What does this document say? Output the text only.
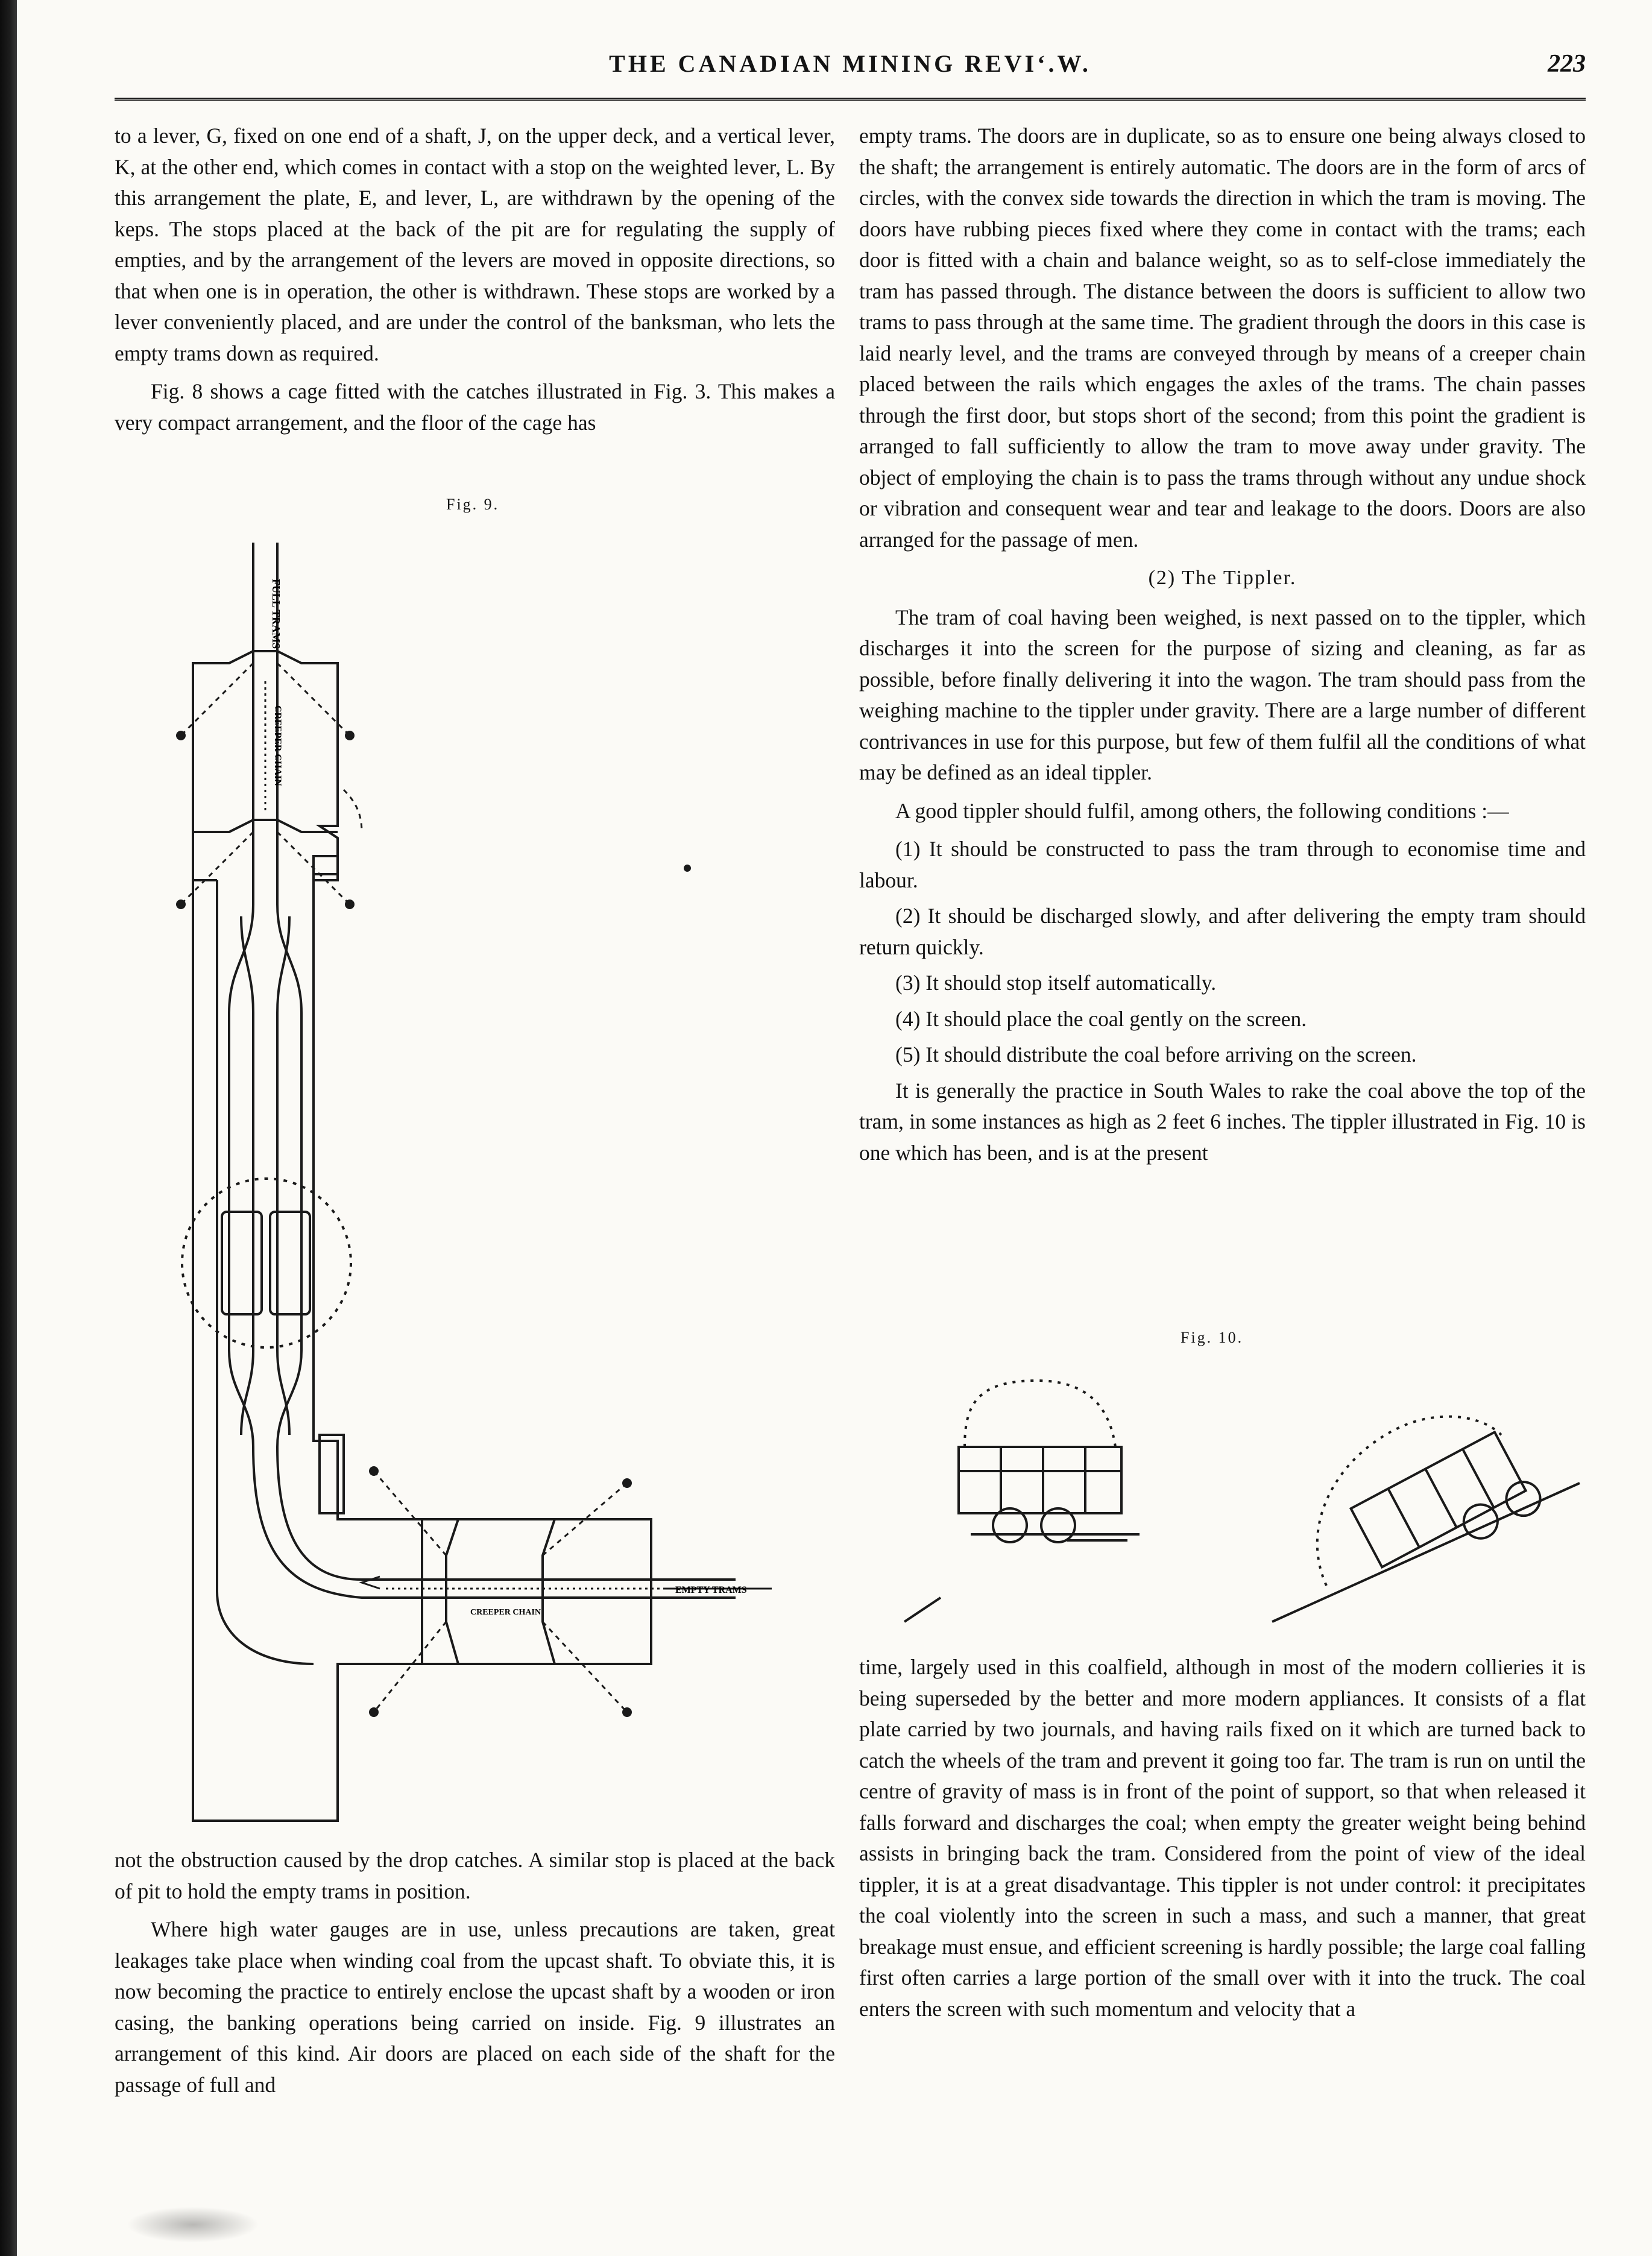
THE CANADIAN MINING REVI‘.W.	223

to a lever, G, fixed on one end of a shaft, J, on the upper deck, and a vertical lever, K, at the other end, which comes in contact with a stop on the weighted lever, L. By this arrangement the plate, E, and lever, L, are withdrawn by the opening of the keps. The stops placed at the back of the pit are for regulating the supply of empties, and by the arrangement of the levers are moved in opposite directions, so that when one is in operation, the other is withdrawn. These stops are worked by a lever conveniently placed, and are under the control of the banksman, who lets the empty trams down as required.

Fig. 8 shows a cage fitted with the catches illustrated in Fig. 3. This makes a very compact arrangement, and the floor of the cage has

Fig. 9.
FULL TRAMS
CREEPER CHAIN
EMPTY TRAMS
CREEPER CHAIN

not the obstruction caused by the drop catches. A similar stop is placed at the back of pit to hold the empty trams in position.

Where high water gauges are in use, unless precautions are taken, great leakages take place when winding coal from the upcast shaft. To obviate this, it is now becoming the practice to entirely enclose the upcast shaft by a wooden or iron casing, the banking operations being carried on inside. Fig. 9 illustrates an arrangement of this kind. Air doors are placed on each side of the shaft for the passage of full and

empty trams. The doors are in duplicate, so as to ensure one being always closed to the shaft; the arrangement is entirely automatic. The doors are in the form of arcs of circles, with the convex side towards the direction in which the tram is moving. The doors have rubbing pieces fixed where they come in contact with the trams; each door is fitted with a chain and balance weight, so as to self-close immediately the tram has passed through. The distance between the doors is sufficient to allow two trams to pass through at the same time. The gradient through the doors in this case is laid nearly level, and the trams are conveyed through by means of a creeper chain placed between the rails which engages the axles of the trams. The chain passes through the first door, but stops short of the second; from this point the gradient is arranged to fall sufficiently to allow the tram to move away under gravity. The object of employing the chain is to pass the trams through without any undue shock or vibration and consequent wear and tear and leakage to the doors. Doors are also arranged for the passage of men.

(2) The Tippler.

The tram of coal having been weighed, is next passed on to the tippler, which discharges it into the screen for the purpose of sizing and cleaning, as far as possible, before finally delivering it into the wagon. The tram should pass from the weighing machine to the tippler under gravity. There are a large number of different contrivances in use for this purpose, but few of them fulfil all the conditions of what may be defined as an ideal tippler.

A good tippler should fulfil, among others, the following conditions :—

(1) It should be constructed to pass the tram through to economise time and labour.

(2) It should be discharged slowly, and after delivering the empty tram should return quickly.

(3) It should stop itself automatically.

(4) It should place the coal gently on the screen.

(5) It should distribute the coal before arriving on the screen.

It is generally the practice in South Wales to rake the coal above the top of the tram, in some instances as high as 2 feet 6 inches. The tippler illustrated in Fig. 10 is one which has been, and is at the present

Fig. 10.

time, largely used in this coalfield, although in most of the modern collieries it is being superseded by the better and more modern appliances. It consists of a flat plate carried by two journals, and having rails fixed on it which are turned back to catch the wheels of the tram and prevent it going too far. The tram is run on until the centre of gravity of mass is in front of the point of support, so that when released it falls forward and discharges the coal; when empty the greater weight being behind assists in bringing back the tram. Considered from the point of view of the ideal tippler, it is at a great disadvantage. This tippler is not under control: it precipitates the coal violently into the screen in such a mass, and such a manner, that great breakage must ensue, and efficient screening is hardly possible; the large coal falling first often carries a large portion of the small over with it into the truck. The coal enters the screen with such momentum and velocity that a
